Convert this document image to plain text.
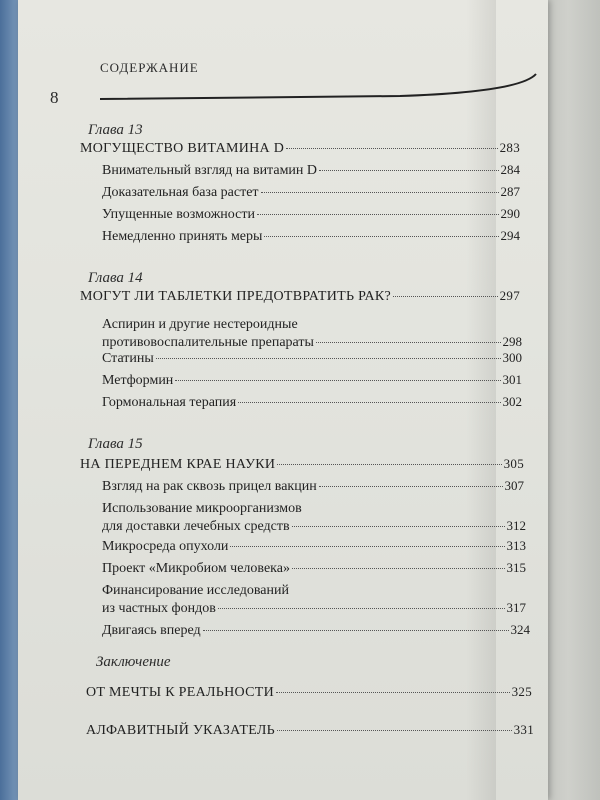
СОДЕРЖАНИЕ
8
Глава 13
МОГУЩЕСТВО ВИТАМИНА D	283
Внимательный взгляд на витамин D	284
Доказательная база растет	287
Упущенные возможности	290
Немедленно принять меры	294
Глава 14
МОГУТ ЛИ ТАБЛЕТКИ ПРЕДОТВРАТИТЬ РАК?	297
Аспирин и другие нестероидные
противовоспалительные препараты	298
Статины	300
Метформин	301
Гормональная терапия	302
Глава 15
НА ПЕРЕДНЕМ КРАЕ НАУКИ	305
Взгляд на рак сквозь прицел вакцин	307
Использование микроорганизмов
для доставки лечебных средств	312
Микросреда опухоли	313
Проект «Микробиом человека»	315
Финансирование исследований
из частных фондов	317
Двигаясь вперед	324
Заключение
ОТ МЕЧТЫ К РЕАЛЬНОСТИ	325
АЛФАВИТНЫЙ УКАЗАТЕЛЬ	331
